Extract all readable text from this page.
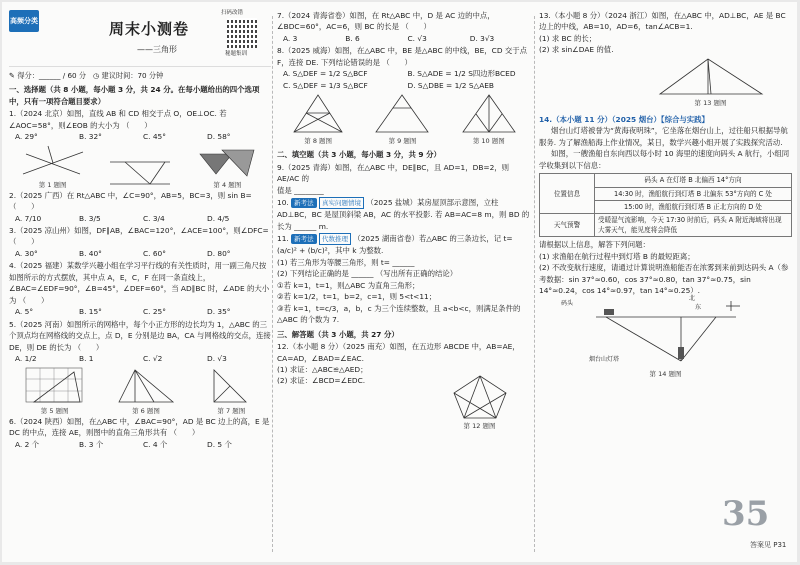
高频分类	周末小测卷
——三角形
扫码改错
秘题集训
✎ 得分：______ / 60 分 ◷ 建议时间：70 分钟
一、选择题（共 8 小题，每小题 3 分，共 24 分。在每小题给出的四个选项中，只有一项符合题目要求）
1.（2024 北京）如图，直线 AB 和 CD 相交于点 O，OE⊥OC. 若∠AOC=58°，则∠EOB 的大小为 （　　）
A. 29°	B. 32°	C. 45°	D. 58°
第 1 题图	第 4 题图
2.（2025 广西）在 Rt△ABC 中，∠C=90°，AB=5，BC=3，则 sin B= （　　）
A. 7/10	B. 3/5	C. 3/4	D. 4/5
3.（2025 凉山州）如图，DF∥AB，∠BAC=120°，∠ACE=100°，则∠DFC= （　　）
A. 30°	B. 40°	C. 60°	D. 80°
4.（2025 福建）某数学兴趣小组在学习平行线的有关性质时，用一副三角尺按如图所示的方式摆放，其中点 A，E，C，F 在同一条直线上，∠BAC=∠EDF=90°，∠B=45°，∠DEF=60°，当 AD∥BC 时，∠ADE 的大小为 （　　）
A. 5°	B. 15°	C. 25°	D. 35°
5.（2025 河南）如图所示的网格中，每个小正方形的边长均为 1，△ABC 的三个顶点均在网格线的交点上，点 D，E 分别是边 BA，CA 与网格线的交点，连接 DE，则 DE 的长为 （　　）
A. 1/2	B. 1	C. √2	D. √3
第 5 题图	第 6 题图	第 7 题图
6.（2024 陕西）如图，在△ABC 中，∠BAC=90°，AD 是 BC 边上的高，E 是 DC 的中点，连接 AE，则图中的直角三角形共有 （　　）
A. 2 个	B. 3 个	C. 4 个	D. 5 个
7.（2024 青海省卷）如图，在 Rt△ABC 中，D 是 AC 边的中点，∠BDC=60°，AC=6，则 BC 的长是 （　　）
A. 3	B. 6	C. √3	D. 3√3
8.（2025 威海）如图，在△ABC 中，BE 是△ABC 的中线，BE，CD 交于点 F，连接 DE. 下列结论错误的是 （　　）
A. S△DEF = 1/2 S△BCF	B. S△ADE = 1/2 S四边形BCED
C. S△DEF = 1/3 S△BCF	D. S△DBE = 1/2 S△AEB
第 8 题图	第 9 题图	第 10 题图
二、填空题（共 3 小题，每小题 3 分，共 9 分）
9.（2025 青海）如图，在△ABC 中，DE∥BC，且 AD=1，DB=2，则 AE/AC 的
值是 ________
10. 新考法 真实问题情境 （2025 盐城）某房屋顶部示意图，立柱 AD⊥BC，BC 是屋顶斜梁 AB，AC 的水平投影. 若 AB=AC=8 m，则 BD 的长为 ______ m.
11. 新考法 代数推理 （2025 湖南省卷）若△ABC 的三条边长，记 t=(a/c)² + (b/c)²，其中 k 为整数.
(1) 若三角形为等腰三角形，则 t= ______
(2) 下列结论正确的是 ______ （写出所有正确的结论）
①若 k=1，t=1，则△ABC 为直角三角形；
②若 k=1/2，t=1，b=2，c=1，则 5<t<11；
③若 k=1，t=c/3，a，b，c 为三个连续整数，且 a<b<c，则满足条件的△ABC 的个数为 7.
三、解答题（共 3 小题，共 27 分）
12.（本小题 8 分）（2025 南充）如图，在五边形 ABCDE 中，AB=AE，CA=AD，∠BAD=∠EAC.
(1) 求证：△ABC≌△AED；
(2) 求证：∠BCD=∠EDC.
第 12 题图
13.（本小题 8 分）（2024 浙江）如图，在△ABC 中，AD⊥BC，AE 是 BC 边上的中线，AB=10，AD=6，tan∠ACB=1.
(1) 求 BC 的长；
(2) 求 sin∠DAE 的值.
第 13 题图
14.（本小题 11 分）（2025 烟台）【综合与实践】
烟台山灯塔被誉为“黄海夜明珠”，它坐落在烟台山上，过往船只根据导航服务. 为了解渔船海上作业情况，某日，数学兴趣小组开展了实践探究活动.
如图，一艘渔船自东向西以每小时 10 海里的速度向码头 A 航行，小组同学收集到以下信息：
位置信息	码头 A 在灯塔 B 北偏西 14°方向
	14:30 时，渔船航行到灯塔 B 北偏东 53°方向的 C 处
	15:00 时，渔船航行到灯塔 B 正北方向的 D 处
天气预警	受暖湿气流影响，今天 17:30 时前后，码头 A 附近海域将出现大雾天气，能见度将会降低
请根据以上信息，解答下列问题：
(1) 求渔船在航行过程中到灯塔 B 的最短距离；
(2) 不改变航行速度，请通过计算说明渔船能否在浓雾到来前到达码头 A（参考数据：sin 37°≈0.60，cos 37°≈0.80，tan 37°≈0.75，sin 14°≈0.24，cos 14°≈0.97，tan 14°≈0.25）.
码头
烟台山灯塔
北
东
第 14 题图
35
答案见 P31
